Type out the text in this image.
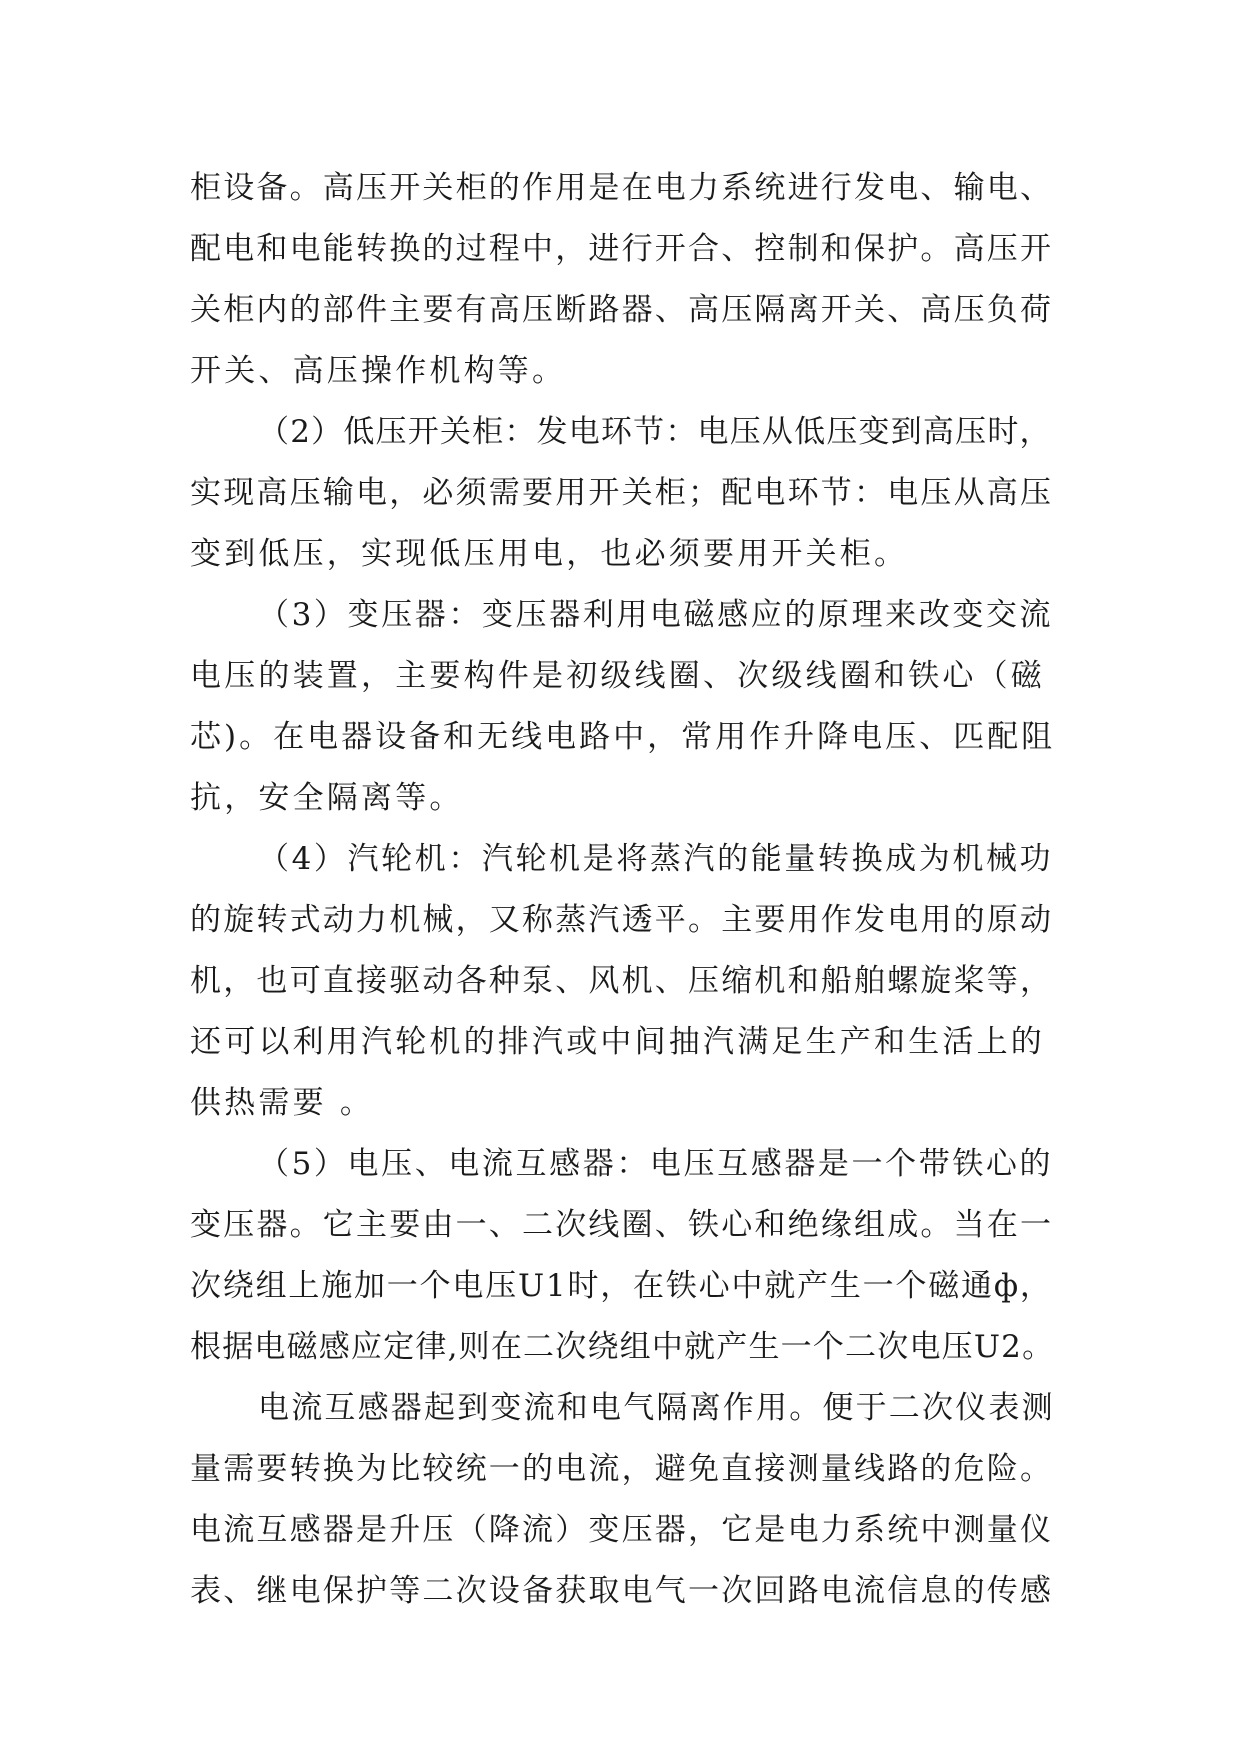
柜设备。高压开关柜的作用是在电力系统进行发电、输电、
配电和电能转换的过程中，进行开合、控制和保护。高压开
关柜内的部件主要有高压断路器、高压隔离开关、高压负荷
开关、高压操作机构等。
（2）低压开关柜：发电环节：电压从低压变到高压时，
实现高压输电，必须需要用开关柜；配电环节：电压从高压
变到低压，实现低压用电，也必须要用开关柜。
（3）变压器：变压器利用电磁感应的原理来改变交流
电压的装置，主要构件是初级线圈、次级线圈和铁心（磁
芯)。在电器设备和无线电路中，常用作升降电压、匹配阻
抗，安全隔离等。
（4）汽轮机：汽轮机是将蒸汽的能量转换成为机械功
的旋转式动力机械，又称蒸汽透平。主要用作发电用的原动
机，也可直接驱动各种泵、风机、压缩机和船舶螺旋桨等，
还可以利用汽轮机的排汽或中间抽汽满足生产和生活上的
供热需要 。
（5）电压、电流互感器：电压互感器是一个带铁心的
变压器。它主要由一、二次线圈、铁心和绝缘组成。当在一
次绕组上施加一个电压U1时，在铁心中就产生一个磁通ф，
根据电磁感应定律,则在二次绕组中就产生一个二次电压U2。
电流互感器起到变流和电气隔离作用。便于二次仪表测
量需要转换为比较统一的电流，避免直接测量线路的危险。
电流互感器是升压（降流）变压器，它是电力系统中测量仪
表、继电保护等二次设备获取电气一次回路电流信息的传感
